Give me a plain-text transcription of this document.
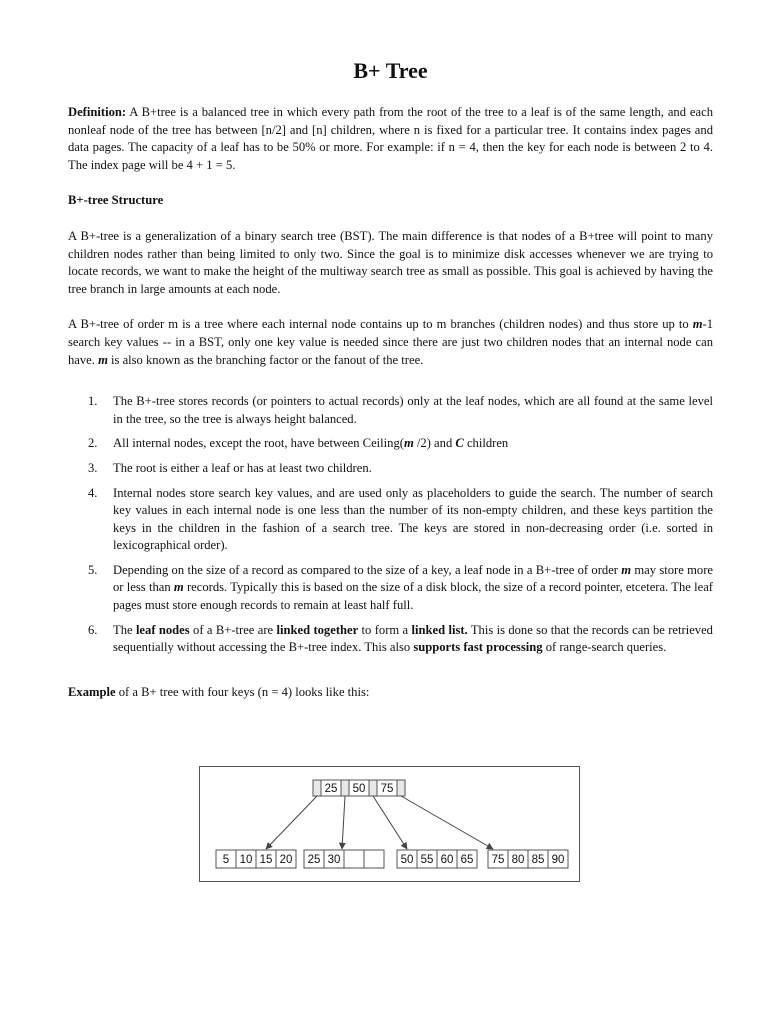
B+ Tree

Definition: A B+tree is a balanced tree in which every path from the root of the tree to a leaf is of the same length, and each nonleaf node of the tree has between [n/2] and [n] children, where n is fixed for a particular tree. It contains index pages and data pages. The capacity of a leaf has to be 50% or more. For example: if n = 4, then the key for each node is between 2 to 4. The index page will be 4 + 1 = 5.

B+-tree Structure

A B+-tree is a generalization of a binary search tree (BST). The main difference is that nodes of a B+tree will point to many children nodes rather than being limited to only two. Since the goal is to minimize disk accesses whenever we are trying to locate records, we want to make the height of the multiway search tree as small as possible. This goal is achieved by having the tree branch in large amounts at each node.

A B+-tree of order m is a tree where each internal node contains up to m branches (children nodes) and thus store up to m-1 search key values -- in a BST, only one key value is needed since there are just two children nodes that an internal node can have. m is also known as the branching factor or the fanout of the tree.

1. The B+-tree stores records (or pointers to actual records) only at the leaf nodes, which are all found at the same level in the tree, so the tree is always height balanced.
2. All internal nodes, except the root, have between Ceiling(m /2) and C children
3. The root is either a leaf or has at least two children.
4. Internal nodes store search key values, and are used only as placeholders to guide the search. The number of search key values in each internal node is one less than the number of its non-empty children, and these keys partition the keys in the children in the fashion of a search tree. The keys are stored in non-decreasing order (i.e. sorted in lexicographical order).
5. Depending on the size of a record as compared to the size of a key, a leaf node in a B+-tree of order m may store more or less than m records. Typically this is based on the size of a disk block, the size of a record pointer, etcetera. The leaf pages must store enough records to remain at least half full.
6. The leaf nodes of a B+-tree are linked together to form a linked list. This is done so that the records can be retrieved sequentially without accessing the B+-tree index. This also supports fast processing of range-search queries.

Example of a B+ tree with four keys (n = 4) looks like this:

25 50 75
5 10 15 20 25 30	50 55 60 65 75 80 85 90
